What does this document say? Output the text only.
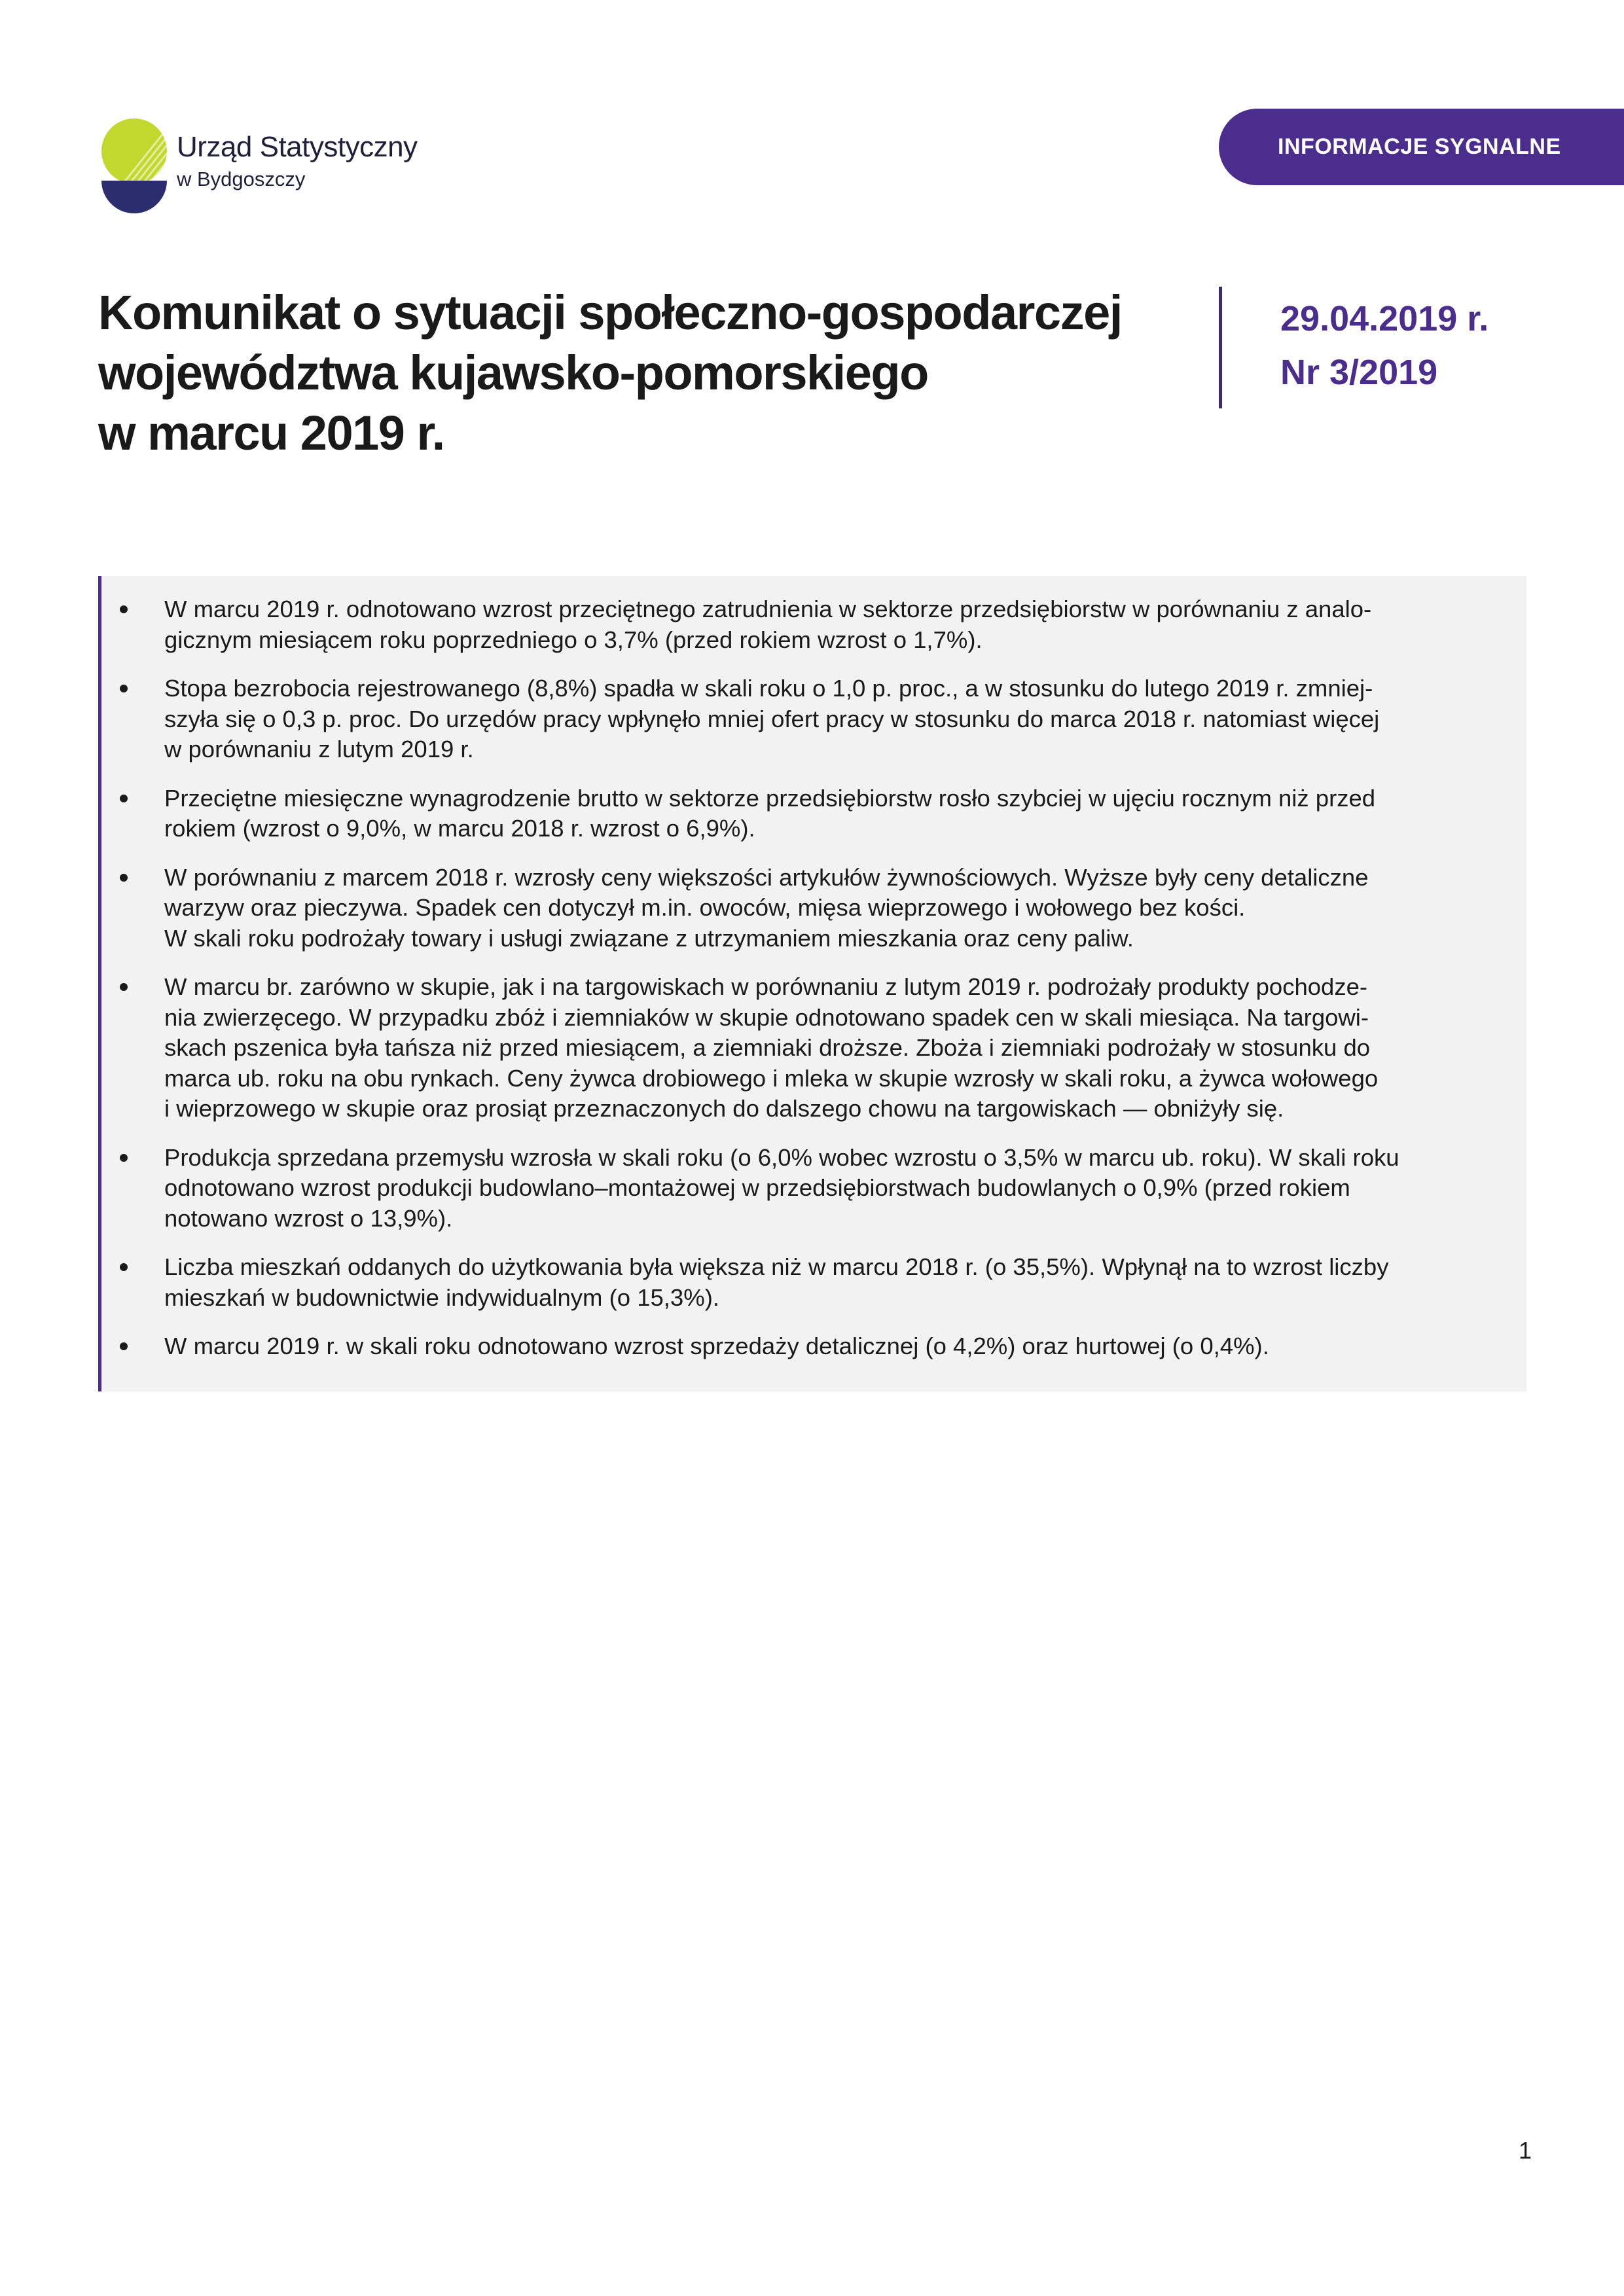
Urząd Statystyczny
w Bydgoszczy
INFORMACJE SYGNALNE
Komunikat o sytuacji społeczno-gospodarczej
województwa kujawsko-pomorskiego
w marcu 2019 r.
29.04.2019 r.
Nr 3/2019
W marcu 2019 r. odnotowano wzrost przeciętnego zatrudnienia w sektorze przedsiębiorstw w porównaniu z analo-
gicznym miesiącem roku poprzedniego o 3,7% (przed rokiem wzrost o 1,7%).
Stopa bezrobocia rejestrowanego (8,8%) spadła w skali roku o 1,0 p. proc., a w stosunku do lutego 2019 r. zmniej-
szyła się o 0,3 p. proc. Do urzędów pracy wpłynęło mniej ofert pracy w stosunku do marca 2018 r. natomiast więcej
w porównaniu z lutym 2019 r.
Przeciętne miesięczne wynagrodzenie brutto w sektorze przedsiębiorstw rosło szybciej w ujęciu rocznym niż przed
rokiem (wzrost o 9,0%, w marcu 2018 r. wzrost o 6,9%).
W porównaniu z marcem 2018 r. wzrosły ceny większości artykułów żywnościowych. Wyższe były ceny detaliczne
warzyw oraz pieczywa. Spadek cen dotyczył m.in. owoców, mięsa wieprzowego i wołowego bez kości.
W skali roku podrożały towary i usługi związane z utrzymaniem mieszkania oraz ceny paliw.
W marcu br. zarówno w skupie, jak i na targowiskach w porównaniu z lutym 2019 r. podrożały produkty pochodze-
nia zwierzęcego. W przypadku zbóż i ziemniaków w skupie odnotowano spadek cen w skali miesiąca. Na targowi-
skach pszenica była tańsza niż przed miesiącem, a ziemniaki droższe. Zboża i ziemniaki podrożały w stosunku do
marca ub. roku na obu rynkach. Ceny żywca drobiowego i mleka w skupie wzrosły w skali roku, a żywca wołowego
i wieprzowego w skupie oraz prosiąt przeznaczonych do dalszego chowu na targowiskach — obniżyły się.
Produkcja sprzedana przemysłu wzrosła w skali roku (o 6,0% wobec wzrostu o 3,5% w marcu ub. roku). W skali roku
odnotowano wzrost produkcji budowlano–montażowej w przedsiębiorstwach budowlanych o 0,9% (przed rokiem
notowano wzrost o 13,9%).
Liczba mieszkań oddanych do użytkowania była większa niż w marcu 2018 r. (o 35,5%). Wpłynął na to wzrost liczby
mieszkań w budownictwie indywidualnym (o 15,3%).
W marcu 2019 r. w skali roku odnotowano wzrost sprzedaży detalicznej (o 4,2%) oraz hurtowej (o 0,4%).
1
